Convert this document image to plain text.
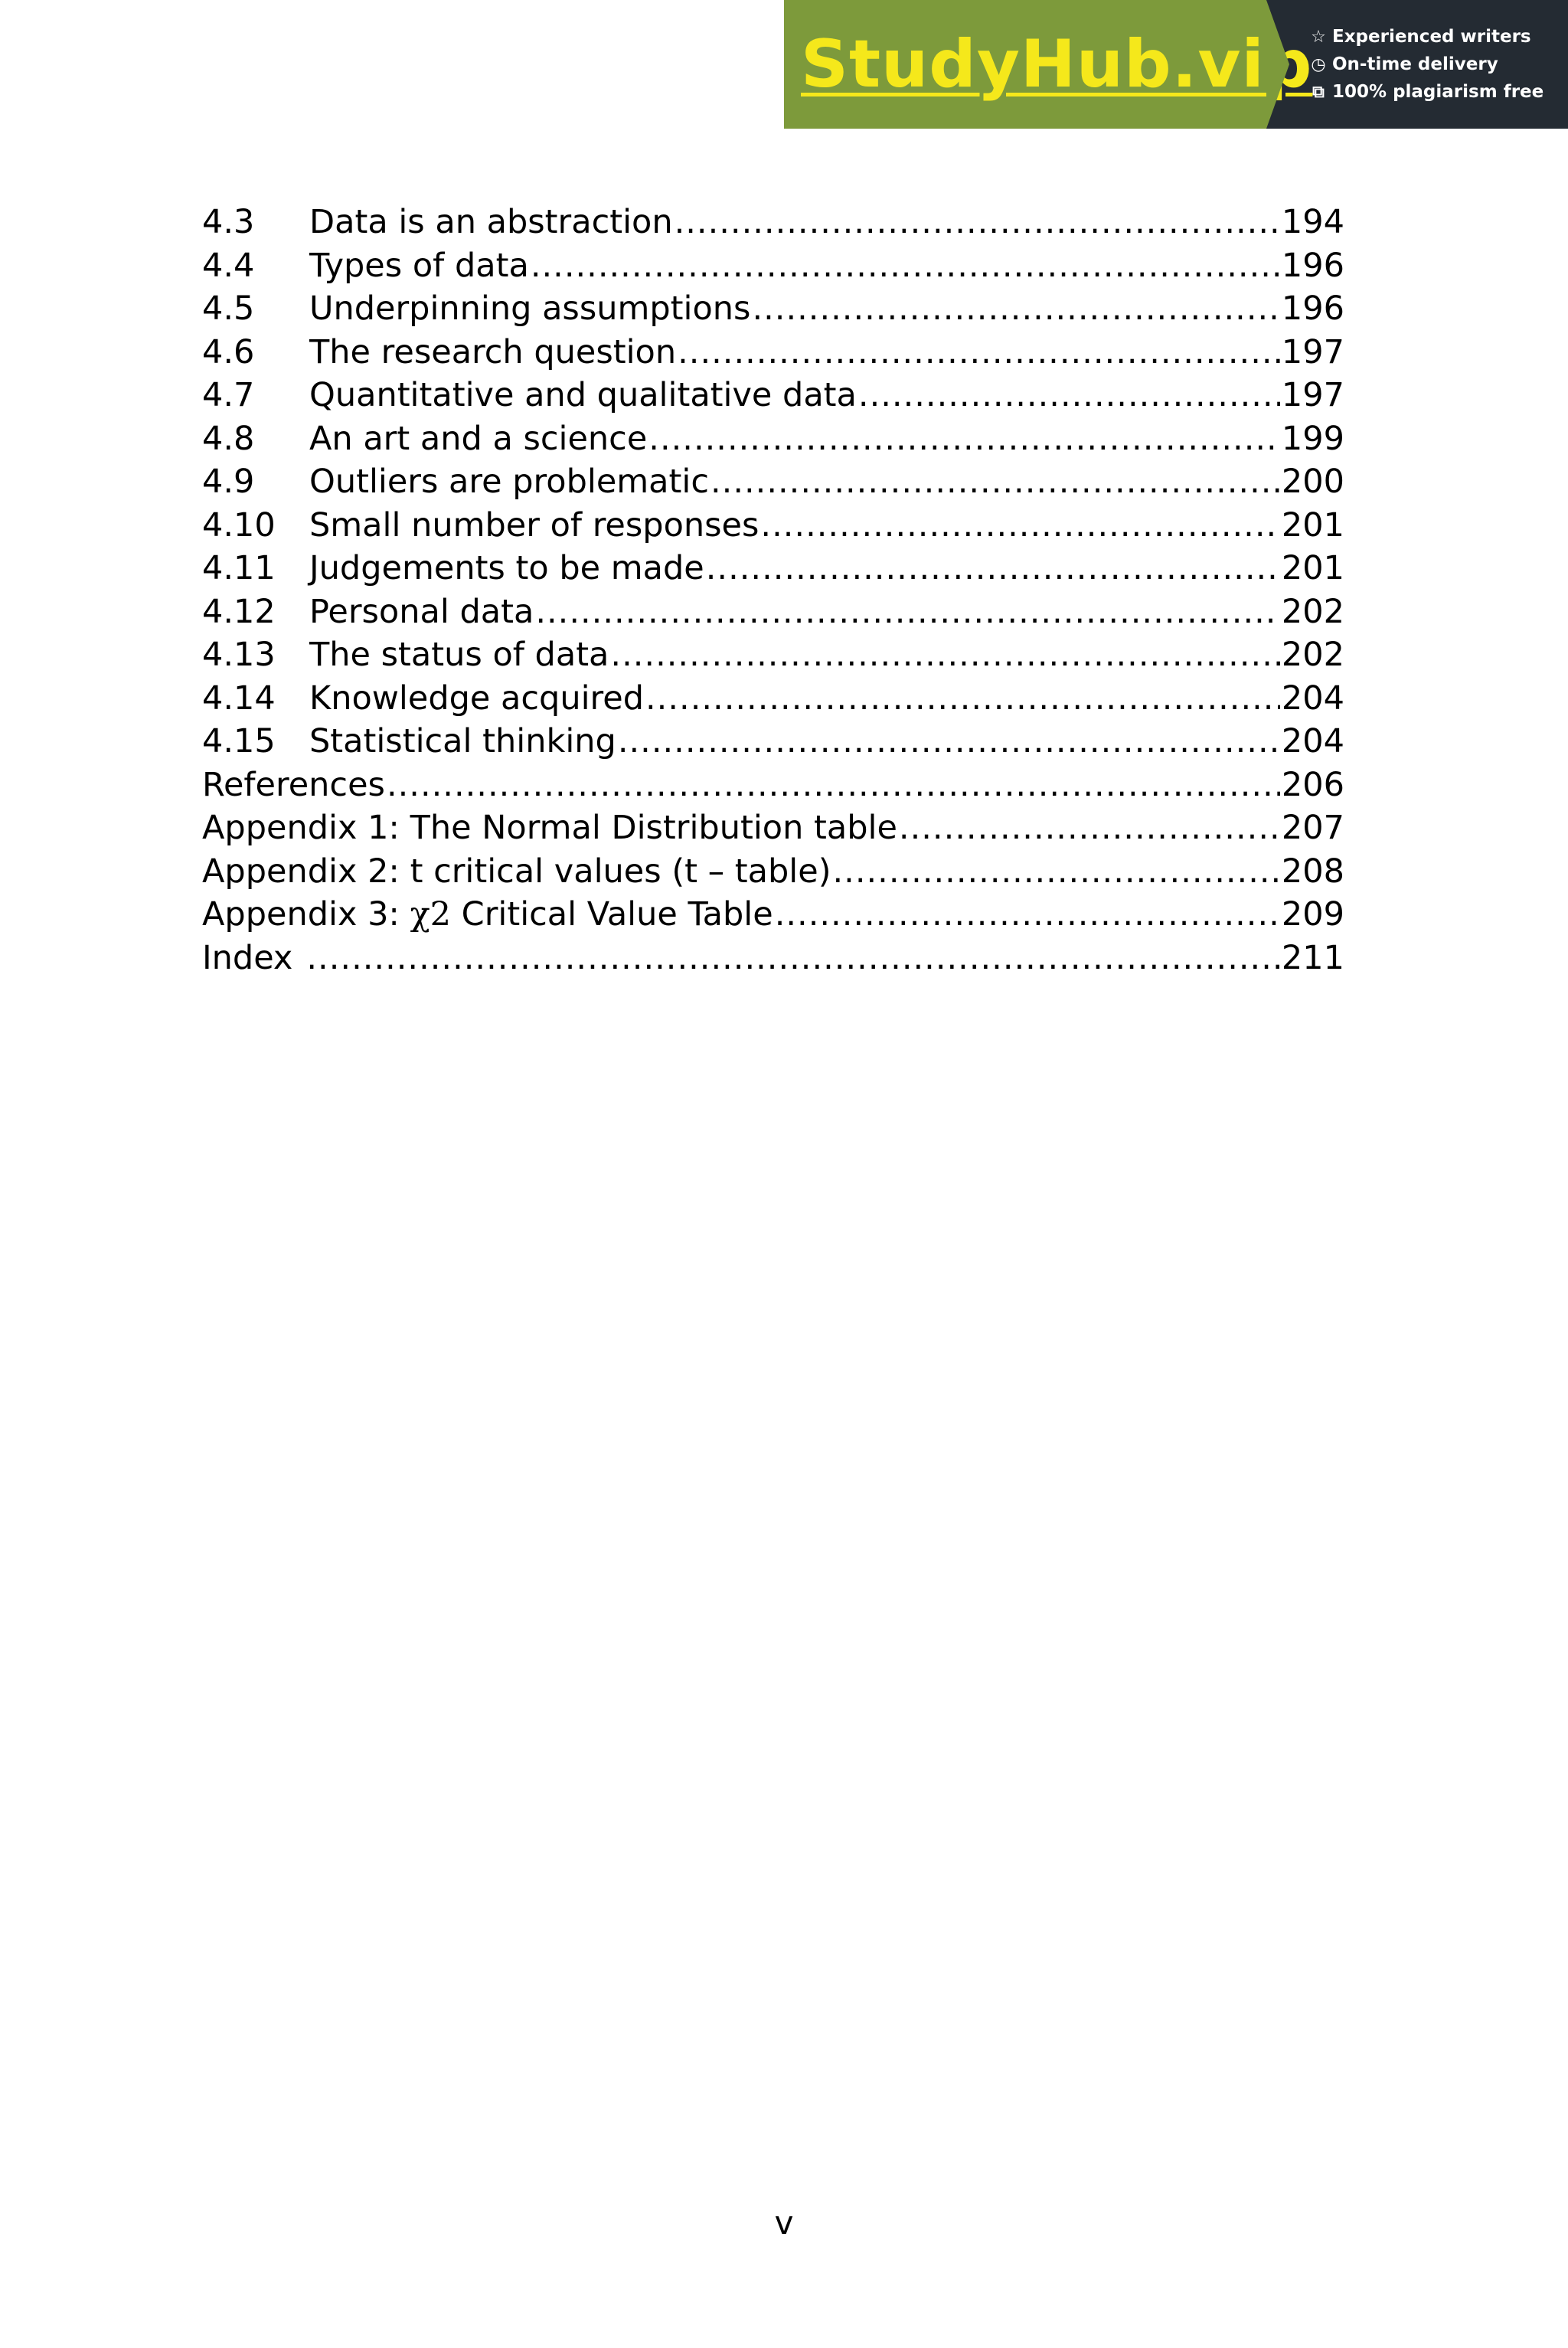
StudyHub.vip
☆ Experienced writers
◷ On-time delivery
⧉ 100% plagiarism free
4.3	Data is an abstraction .....	194
4.4	Types of data .....	196
4.5	Underpinning assumptions .....	196
4.6	The research question .....	197
4.7	Quantitative and qualitative data .....	197
4.8	An art and a science .....	199
4.9	Outliers are problematic .....	200
4.10	Small number of responses .....	201
4.11	Judgements to be made .....	201
4.12	Personal data .....	202
4.13	The status of data .....	202
4.14	Knowledge acquired .....	204
4.15	Statistical thinking .....	204
References .....	206
Appendix 1: The Normal Distribution table .....	207
Appendix 2: t critical values (t – table) .....	208
Appendix 3: χ2 Critical Value Table .....	209
Index .....	211
v
